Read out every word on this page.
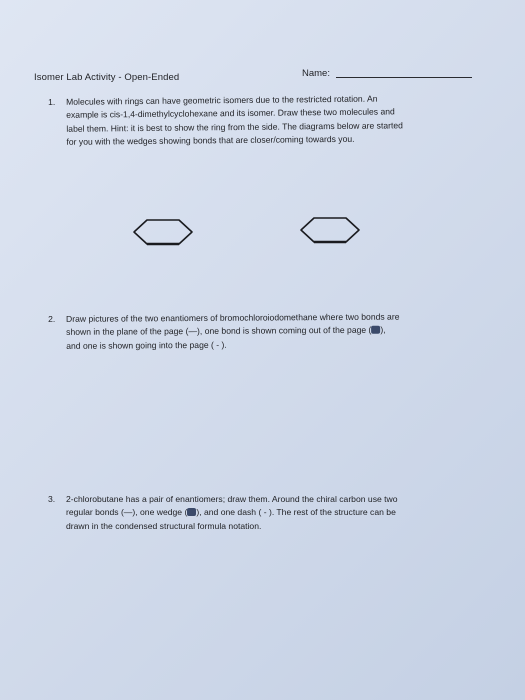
Isomer Lab Activity - Open-Ended	Name:
1. Molecules with rings can have geometric isomers due to the restricted rotation. An
example is cis-1,4-dimethylcyclohexane and its isomer. Draw these two molecules and
label them. Hint: it is best to show the ring from the side. The diagrams below are started
for you with the wedges showing bonds that are closer/coming towards you.
2. Draw pictures of the two enantiomers of bromochloroiodomethane where two bonds are
shown in the plane of the page (—), one bond is shown coming out of the page ( ),
and one is shown going into the page ( - ).
3. 2-chlorobutane has a pair of enantiomers; draw them. Around the chiral carbon use two
regular bonds (—), one wedge ( ), and one dash ( - ). The rest of the structure can be
drawn in the condensed structural formula notation.
